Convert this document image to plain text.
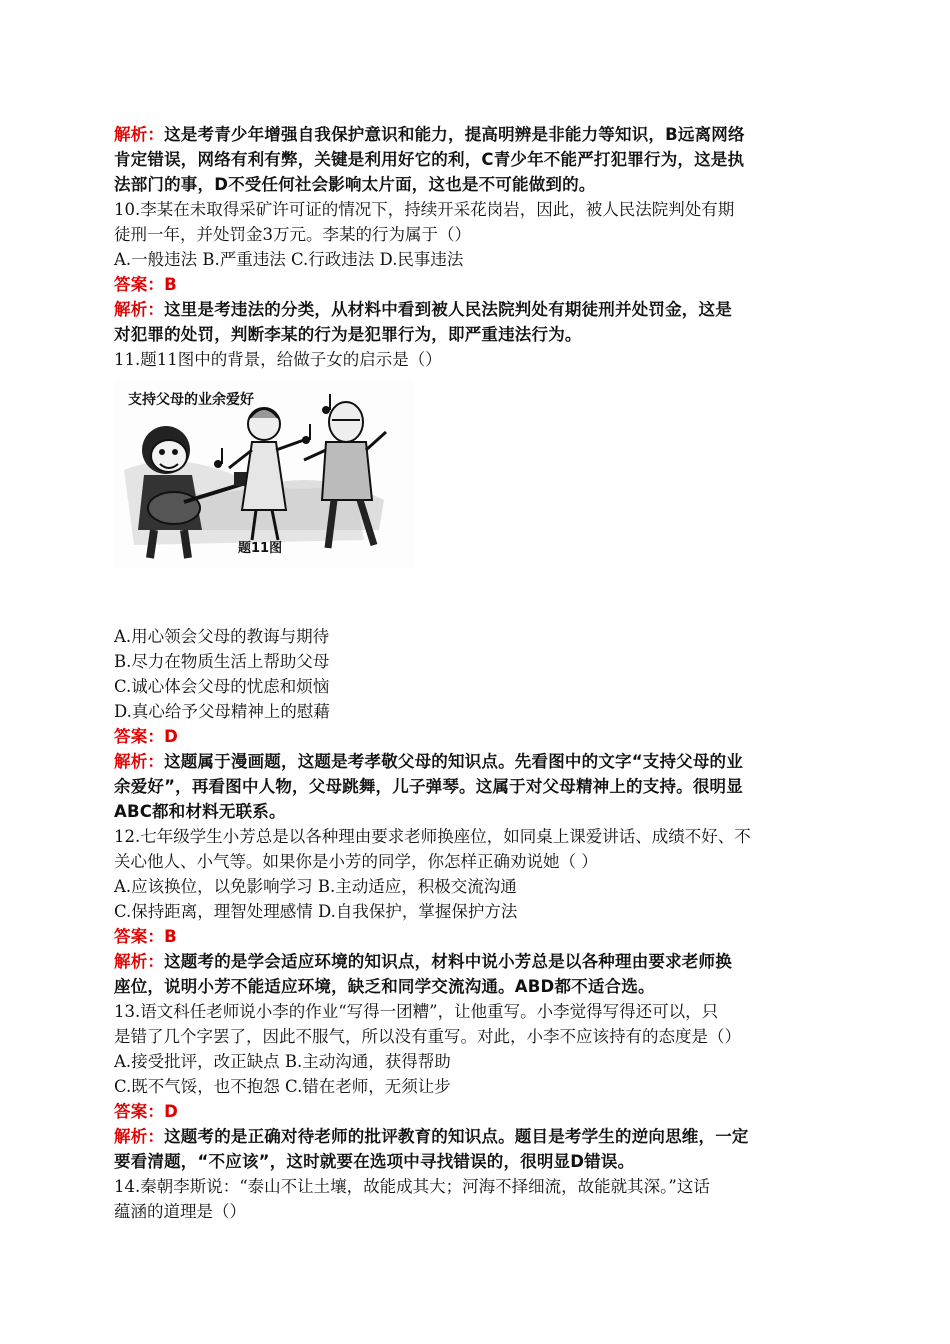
解析：这是考青少年增强自我保护意识和能力，提高明辨是非能力等知识，B远离网络
肯定错误，网络有利有弊，关键是利用好它的利，C青少年不能严打犯罪行为，这是执
法部门的事，D不受任何社会影响太片面，这也是不可能做到的。
10.李某在未取得采矿许可证的情况下，持续开采花岗岩，因此，被人民法院判处有期
徒刑一年，并处罚金3万元。李某的行为属于（）
A.一般违法 B.严重违法 C.行政违法 D.民事违法
答案：B
解析：这里是考违法的分类，从材料中看到被人民法院判处有期徒刑并处罚金，这是
对犯罪的处罚，判断李某的行为是犯罪行为，即严重违法行为。
11.题11图中的背景，给做子女的启示是（）
支持父母的业余爱好
题11图
A.用心领会父母的教诲与期待
B.尽力在物质生活上帮助父母
C.诚心体会父母的忧虑和烦恼
D.真心给予父母精神上的慰藉
答案：D
解析：这题属于漫画题，这题是考孝敬父母的知识点。先看图中的文字“支持父母的业
余爱好”，再看图中人物，父母跳舞，儿子弹琴。这属于对父母精神上的支持。很明显
ABC都和材料无联系。
12.七年级学生小芳总是以各种理由要求老师换座位，如同桌上课爱讲话、成绩不好、不
关心他人、小气等。如果你是小芳的同学，你怎样正确劝说她（ ）
A.应该换位，以免影响学习 B.主动适应，积极交流沟通
C.保持距离，理智处理感情 D.自我保护，掌握保护方法
答案：B
解析：这题考的是学会适应环境的知识点，材料中说小芳总是以各种理由要求老师换
座位，说明小芳不能适应环境，缺乏和同学交流沟通。ABD都不适合选。
13.语文科任老师说小李的作业“写得一团糟”，让他重写。小李觉得写得还可以，只
是错了几个字罢了，因此不服气，所以没有重写。对此，小李不应该持有的态度是（）
A.接受批评，改正缺点 B.主动沟通，获得帮助
C.既不气馁，也不抱怨 C.错在老师，无须让步
答案：D
解析：这题考的是正确对待老师的批评教育的知识点。题目是考学生的逆向思维，一定
要看清题，“不应该”，这时就要在选项中寻找错误的，很明显D错误。
14.秦朝李斯说：“泰山不让土壤，故能成其大；河海不择细流，故能就其深。”这话
蕴涵的道理是（）
